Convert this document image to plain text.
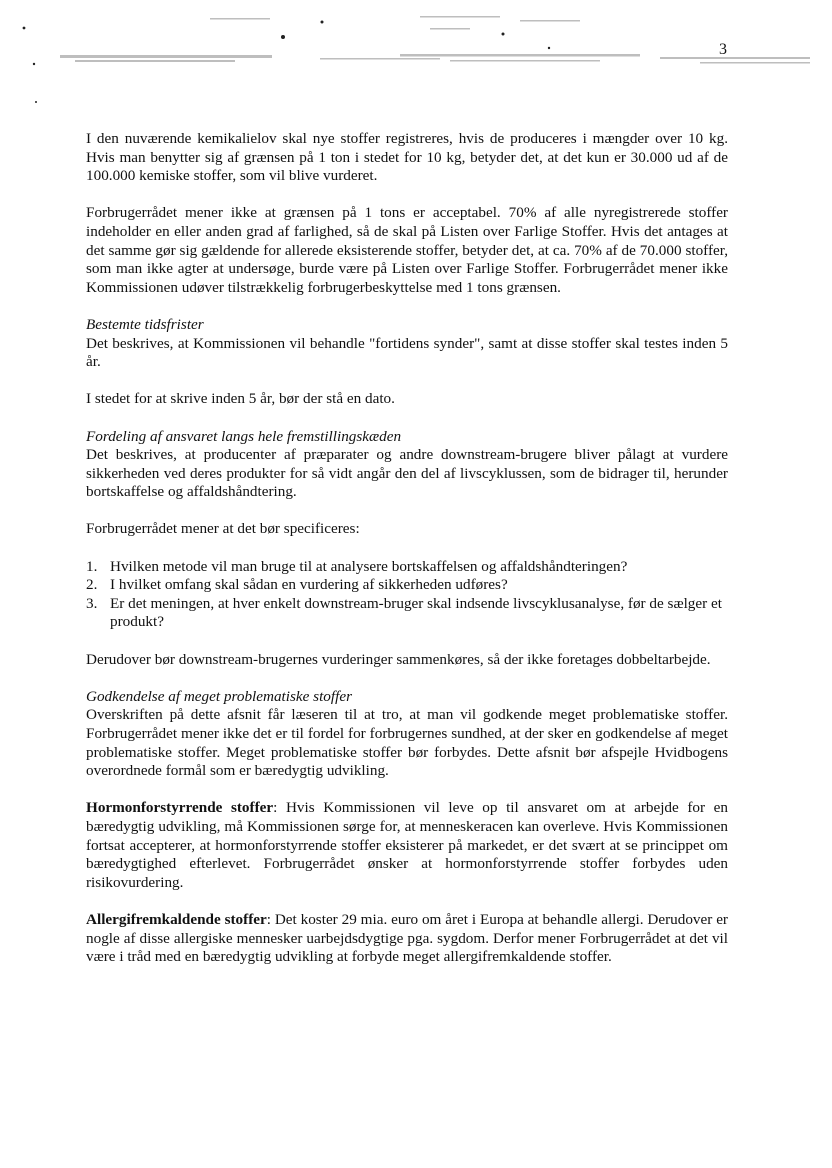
3

I den nuværende kemikalielov skal nye stoffer registreres, hvis de produceres i mængder over 10 kg. Hvis man benytter sig af grænsen på 1 ton i stedet for 10 kg, betyder det, at det kun er 30.000 ud af de 100.000 kemiske stoffer, som vil blive vurderet.

Forbrugerrådet mener ikke at grænsen på 1 tons er acceptabel. 70% af alle nyregistrerede stoffer indeholder en eller anden grad af farlighed, så de skal på Listen over Farlige Stoffer. Hvis det antages at det samme gør sig gældende for allerede eksisterende stoffer, betyder det, at ca. 70% af de 70.000 stoffer, som man ikke agter at undersøge, burde være på Listen over Farlige Stoffer. Forbrugerrådet mener ikke Kommissionen udøver tilstrækkelig forbrugerbeskyttelse med 1 tons grænsen.

Bestemte tidsfrister

Det beskrives, at Kommissionen vil behandle "fortidens synder", samt at disse stoffer skal testes inden 5 år.

I stedet for at skrive inden 5 år, bør der stå en dato.

Fordeling af ansvaret langs hele fremstillingskæden

Det beskrives, at producenter af præparater og andre downstream-brugere bliver pålagt at vurdere sikkerheden ved deres produkter for så vidt angår den del af livscyklussen, som de bidrager til, herunder bortskaffelse og affaldshåndtering.

Forbrugerrådet mener at det bør specificeres:

1. Hvilken metode vil man bruge til at analysere bortskaffelsen og affaldshåndteringen?
2. I hvilket omfang skal sådan en vurdering af sikkerheden udføres?
3. Er det meningen, at hver enkelt downstream-bruger skal indsende livscyklusanalyse, før de sælger et produkt?

Derudover bør downstream-brugernes vurderinger sammenkøres, så der ikke foretages dobbeltarbejde.

Godkendelse af meget problematiske stoffer

Overskriften på dette afsnit får læseren til at tro, at man vil godkende meget problematiske stoffer. Forbrugerrådet mener ikke det er til fordel for forbrugernes sundhed, at der sker en godkendelse af meget problematiske stoffer. Meget problematiske stoffer bør forbydes. Dette afsnit bør afspejle Hvidbogens overordnede formål som er bæredygtig udvikling.

Hormonforstyrrende stoffer: Hvis Kommissionen vil leve op til ansvaret om at arbejde for en bæredygtig udvikling, må Kommissionen sørge for, at menneskeracen kan overleve. Hvis Kommissionen fortsat accepterer, at hormonforstyrrende stoffer eksisterer på markedet, er det svært at se princippet om bæredygtighed efterlevet. Forbrugerrådet ønsker at hormonforstyrrende stoffer forbydes uden risikovurdering.

Allergifremkaldende stoffer: Det koster 29 mia. euro om året i Europa at behandle allergi. Derudover er nogle af disse allergiske mennesker uarbejdsdygtige pga. sygdom. Derfor mener Forbrugerrådet at det vil være i tråd med en bæredygtig udvikling at forbyde meget allergifremkaldende stoffer.
